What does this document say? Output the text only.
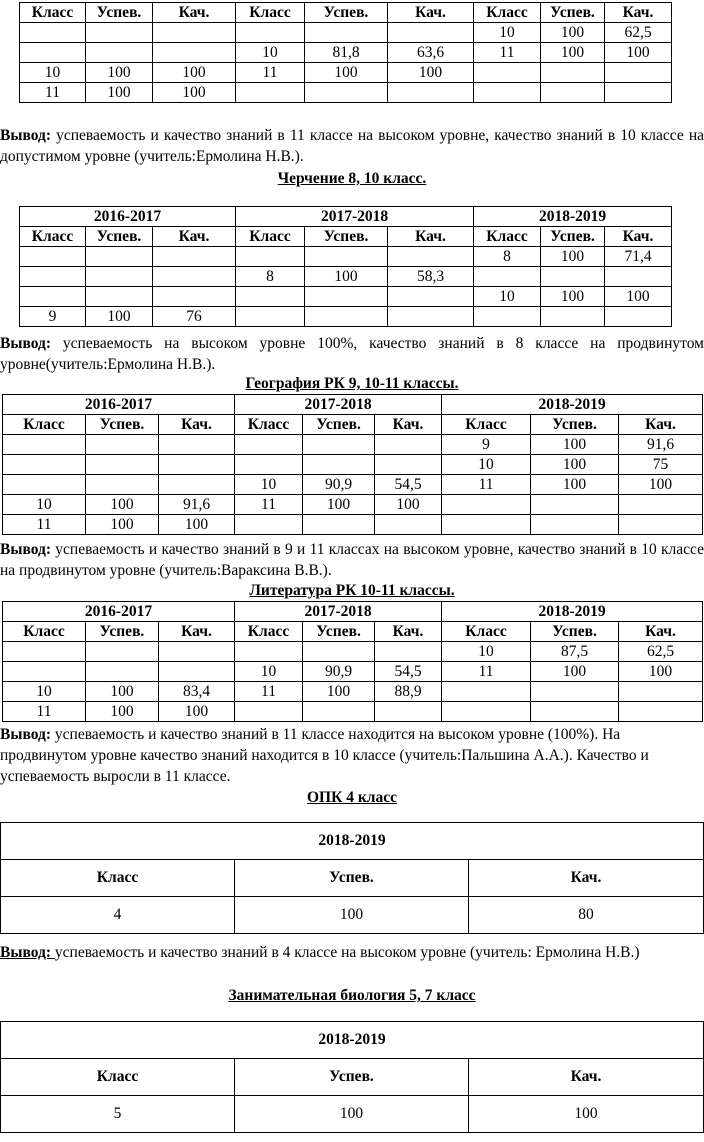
Класс	Успев.	Кач.	Класс	Успев.	Кач.	Класс	Успев.	Кач.
						10	100	62,5
			10	81,8	63,6	11	100	100
10	100	100	11	100	100			
11	100	100						
Вывод: успеваемость и качество знаний в 11 классе на высоком уровне, качество знаний в 10 классе на допустимом уровне (учитель:Ермолина Н.В.).
Черчение 8, 10 класс.
2016-2017			2017-2018			2018-2019		
Класс	Успев.	Кач.	Класс	Успев.	Кач.	Класс	Успев.	Кач.
						8	100	71,4
			8	100	58,3			
						10	100	100
9	100	76						
Вывод: успеваемость на высоком уровне 100%, качество знаний в 8 классе на продвинутом уровне(учитель:Ермолина Н.В.).
География РК 9, 10-11 классы.
2016-2017			2017-2018			2018-2019		
Класс	Успев.	Кач.	Класс	Успев.	Кач.	Класс	Успев.	Кач.
						9	100	91,6
						10	100	75
			10	90,9	54,5	11	100	100
10	100	91,6	11	100	100			
11	100	100						
Вывод: успеваемость и качество знаний в 9 и 11 классах на высоком уровне, качество знаний в 10 классе на продвинутом уровне (учитель:Вараксина В.В.).
Литература РК 10-11 классы.
2016-2017			2017-2018			2018-2019		
Класс	Успев.	Кач.	Класс	Успев.	Кач.	Класс	Успев.	Кач.
						10	87,5	62,5
			10	90,9	54,5	11	100	100
10	100	83,4	11	100	88,9			
11	100	100						
Вывод: успеваемость и качество знаний в 11 классе находится на высоком уровне (100%). На продвинутом уровне качество знаний находится в 10 классе (учитель:Пальшина А.А.). Качество и успеваемость выросли в 11 классе.
ОПК 4 класс
2018-2019		
Класс	Успев.	Кач.
4	100	80
Вывод: успеваемость и качество знаний в 4 классе на высоком уровне (учитель: Ермолина Н.В.)
Занимательная биология 5, 7 класс
2018-2019		
Класс	Успев.	Кач.
5	100	100
